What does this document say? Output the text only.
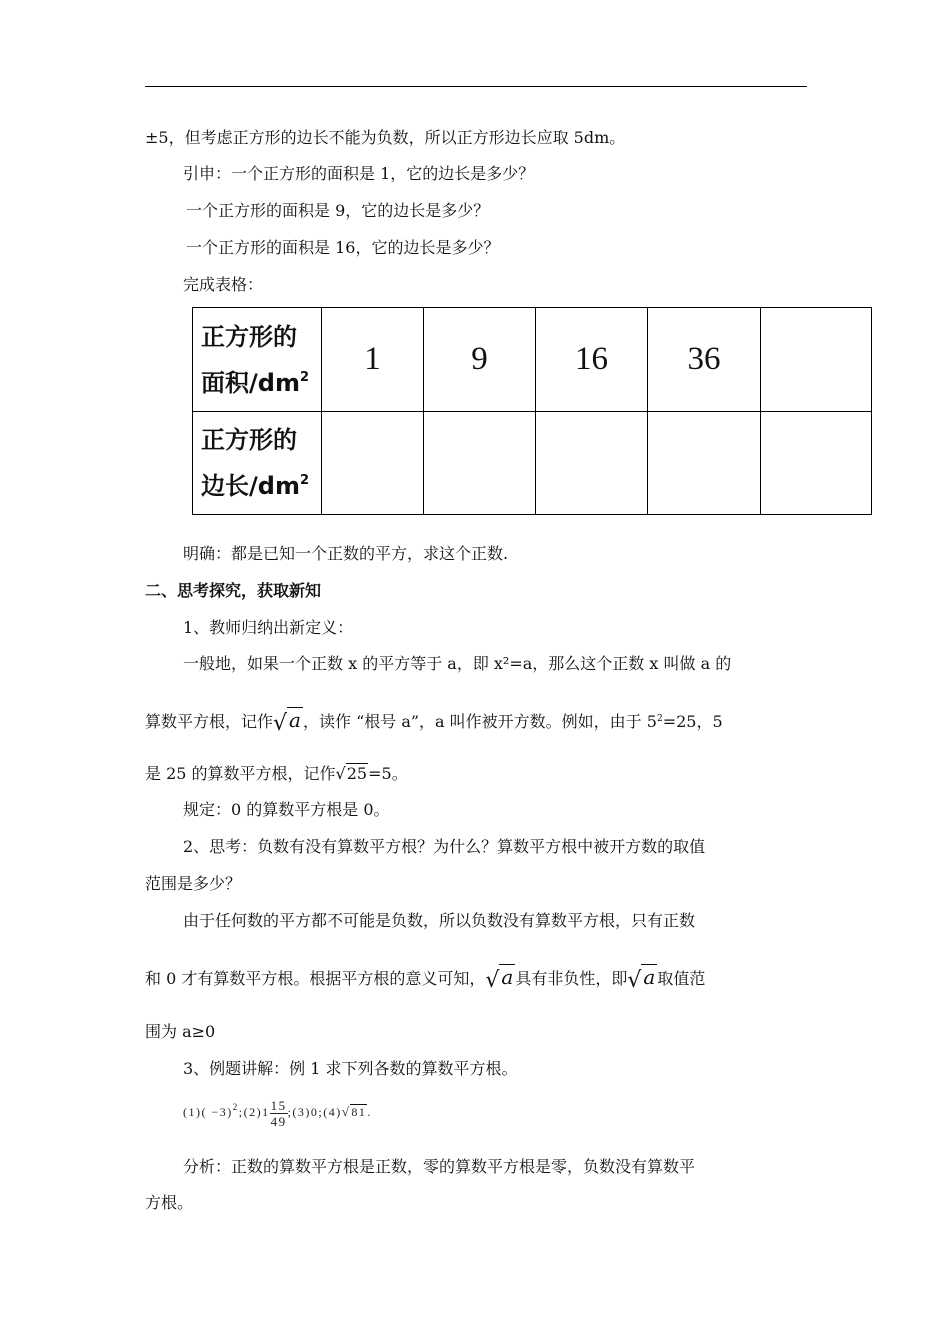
±5，但考虑正方形的边长不能为负数，所以正方形边长应取 5dm。
引申：一个正方形的面积是 1，它的边长是多少？
一个正方形的面积是 9，它的边长是多少？
一个正方形的面积是 16，它的边长是多少？
完成表格：
正方形的
面积$/dm^2$	1	9	16	36	

正方形的
边长$/dm^2$

明确：都是已知一个正数的平方，求这个正数.
二、思考探究，获取新知
1、教师归纳出新定义：
一般地，如果一个正数 x 的平方等于 a，即 x²=a，那么这个正数 x 叫做 a 的
算数平方根，记作√ a ，读作 “根号 a”，a 叫作被开方数。例如，由于 $5^2=25$，5
是 25 的算数平方根，记作√25=5。
规定：0 的算数平方根是 0。
2、思考：负数有没有算数平方根？为什么？算数平方根中被开方数的取值
范围是多少？
由于任何数的平方都不可能是负数，所以负数没有算数平方根，只有正数
和 0 才有算数平方根。根据平方根的意义可知，√ a 具有非负性，即√ a 取值范
围为 a≥0
3、例题讲解：例 1 求下列各数的算数平方根。
$(1)( -3)^2;(2)1 \frac{15}{49}$ ;(3)0;(4)√81.
分析：正数的算数平方根是正数，零的算数平方根是零，负数没有算数平
方根。
